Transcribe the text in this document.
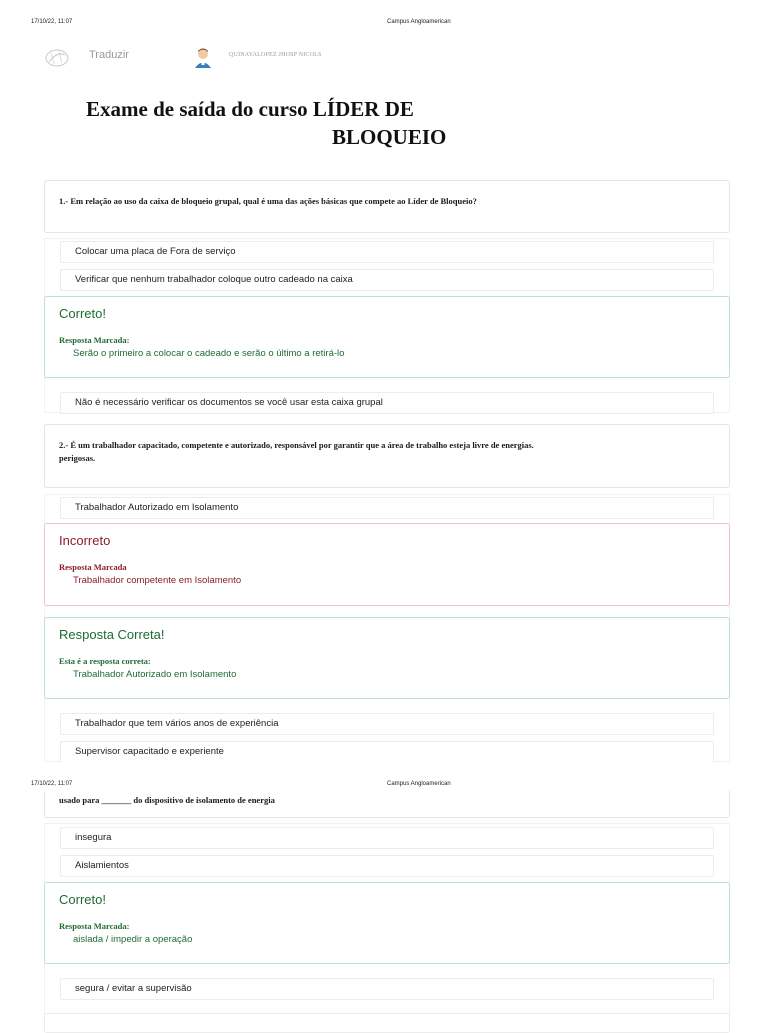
17/10/22, 11:07	Campus Angloamerican
Traduzir	QUINAYALOPEZ JHOSP NICOLS
Exame de saída do curso LÍDER DE
BLOQUEIO
1.- Em relação ao uso da caixa de bloqueio grupal, qual é uma das ações básicas que compete ao Líder de Bloqueio?
Colocar uma placa de Fora de serviço
Verificar que nenhum trabalhador coloque outro cadeado na caixa
Correto!
Resposta Marcada:
Serão o primeiro a colocar o cadeado e serão o último a retirá-lo
Não é necessário verificar os documentos se você usar esta caixa grupal
2.- É um trabalhador capacitado, competente e autorizado, responsável por garantir que a área de trabalho esteja livre de energias.
perigosas.
Trabalhador Autorizado em Isolamento
Incorreto
Resposta Marcada
Trabalhador competente em Isolamento
Resposta Correta!
Esta é a resposta correta:
Trabalhador Autorizado em Isolamento
Trabalhador que tem vários anos de experiência
Supervisor capacitado e experiente
17/10/22, 11:07	Campus Angloamerican
usado para _______ do dispositivo de isolamento de energia
insegura
Aislamientos
Correto!
Resposta Marcada:
aislada / impedir a operação
segura / evitar a supervisão
